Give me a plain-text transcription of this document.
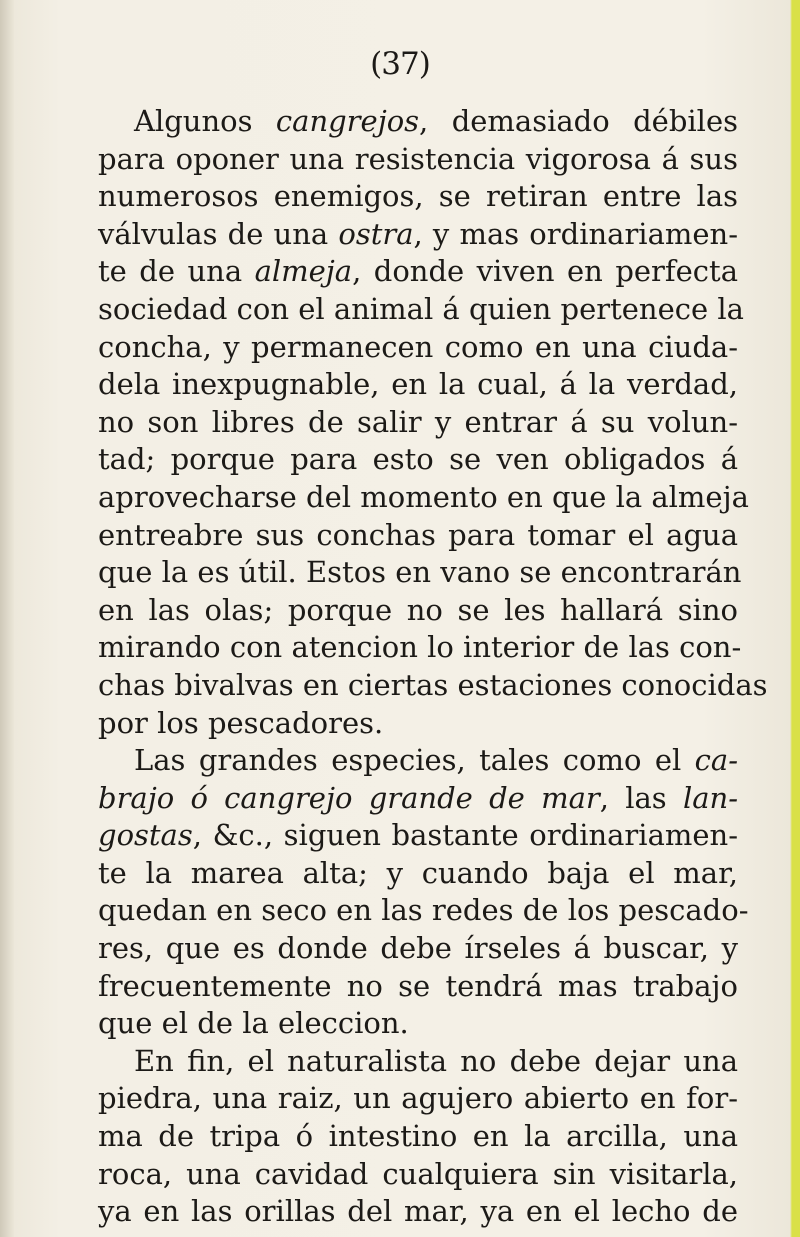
(37)
Algunos cangrejos, demasiado débiles
para oponer una resistencia vigorosa á sus
numerosos enemigos, se retiran entre las
válvulas de una ostra, y mas ordinariamen-
te de una almeja, donde viven en perfecta
sociedad con el animal á quien pertenece la
concha, y permanecen como en una ciuda-
dela inexpugnable, en la cual, á la verdad,
no son libres de salir y entrar á su volun-
tad; porque para esto se ven obligados á
aprovecharse del momento en que la almeja
entreabre sus conchas para tomar el agua
que la es útil. Estos en vano se encontrarán
en las olas; porque no se les hallará sino
mirando con atencion lo interior de las con-
chas bivalvas en ciertas estaciones conocidas
por los pescadores.
Las grandes especies, tales como el ca-
brajo ó cangrejo grande de mar, las lan-
gostas, &c., siguen bastante ordinariamen-
te la marea alta; y cuando baja el mar,
quedan en seco en las redes de los pescado-
res, que es donde debe írseles á buscar, y
frecuentemente no se tendrá mas trabajo
que el de la eleccion.
En fin, el naturalista no debe dejar una
piedra, una raiz, un agujero abierto en for-
ma de tripa ó intestino en la arcilla, una
roca, una cavidad cualquiera sin visitarla,
ya en las orillas del mar, ya en el lecho de
